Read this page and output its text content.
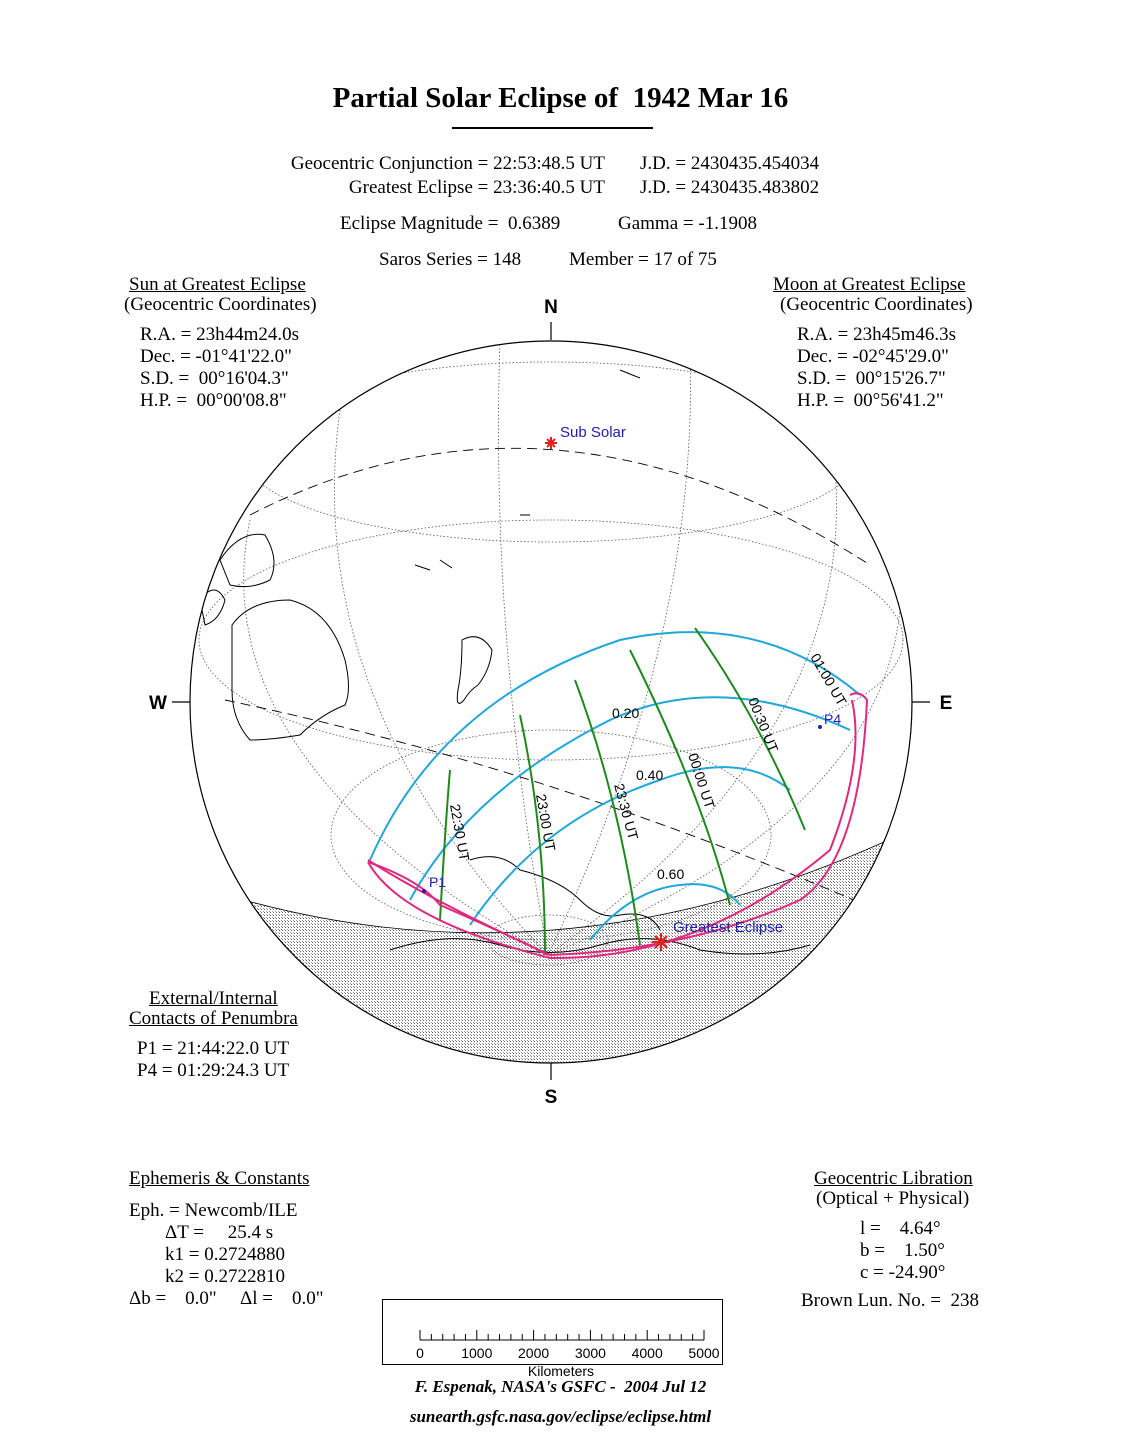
Partial Solar Eclipse of  1942 Mar 16
Geocentric Conjunction = 22:53:48.5 UT J.D. = 2430435.454034
Greatest Eclipse = 23:36:40.5 UT J.D. = 2430435.483802
Eclipse Magnitude =  0.6389	Gamma = -1.1908
Saros Series = 148	Member = 17 of 75
Sun at Greatest Eclipse
(Geocentric Coordinates)
R.A. = 23h44m24.0s
Dec. = -01°41'22.0"
S.D. =  00°16'04.3"
H.P. =  00°00'08.8"
Moon at Greatest Eclipse
(Geocentric Coordinates)
R.A. = 23h45m46.3s
Dec. = -02°45'29.0"
S.D. =  00°15'26.7"
H.P. =  00°56'41.2"
N
S
W	E
Sub Solar
Greatest Eclipse
P1
P4
0.20
0.40
0.60
22:30 UT	23:00 UT	23:30 UT
00:00 UT
00:30 UT
01:00 UT
External/Internal
Contacts of Penumbra
P1 = 21:44:22.0 UT
P4 = 01:29:24.3 UT
Ephemeris & Constants
Eph. = Newcomb/ILE
ΔT =     25.4 s
k1 = 0.2724880
k2 = 0.2722810
Δb =    0.0" Δl =    0.0"
Geocentric Libration
(Optical + Physical)
l =    4.64°
b =    1.50°
c = -24.90°
Brown Lun. No. =  238

0	1000 2000 3000 4000 5000
Kilometers

F. Espenak, NASA's GSFC -  2004 Jul 12
sunearth.gsfc.nasa.gov/eclipse/eclipse.html
